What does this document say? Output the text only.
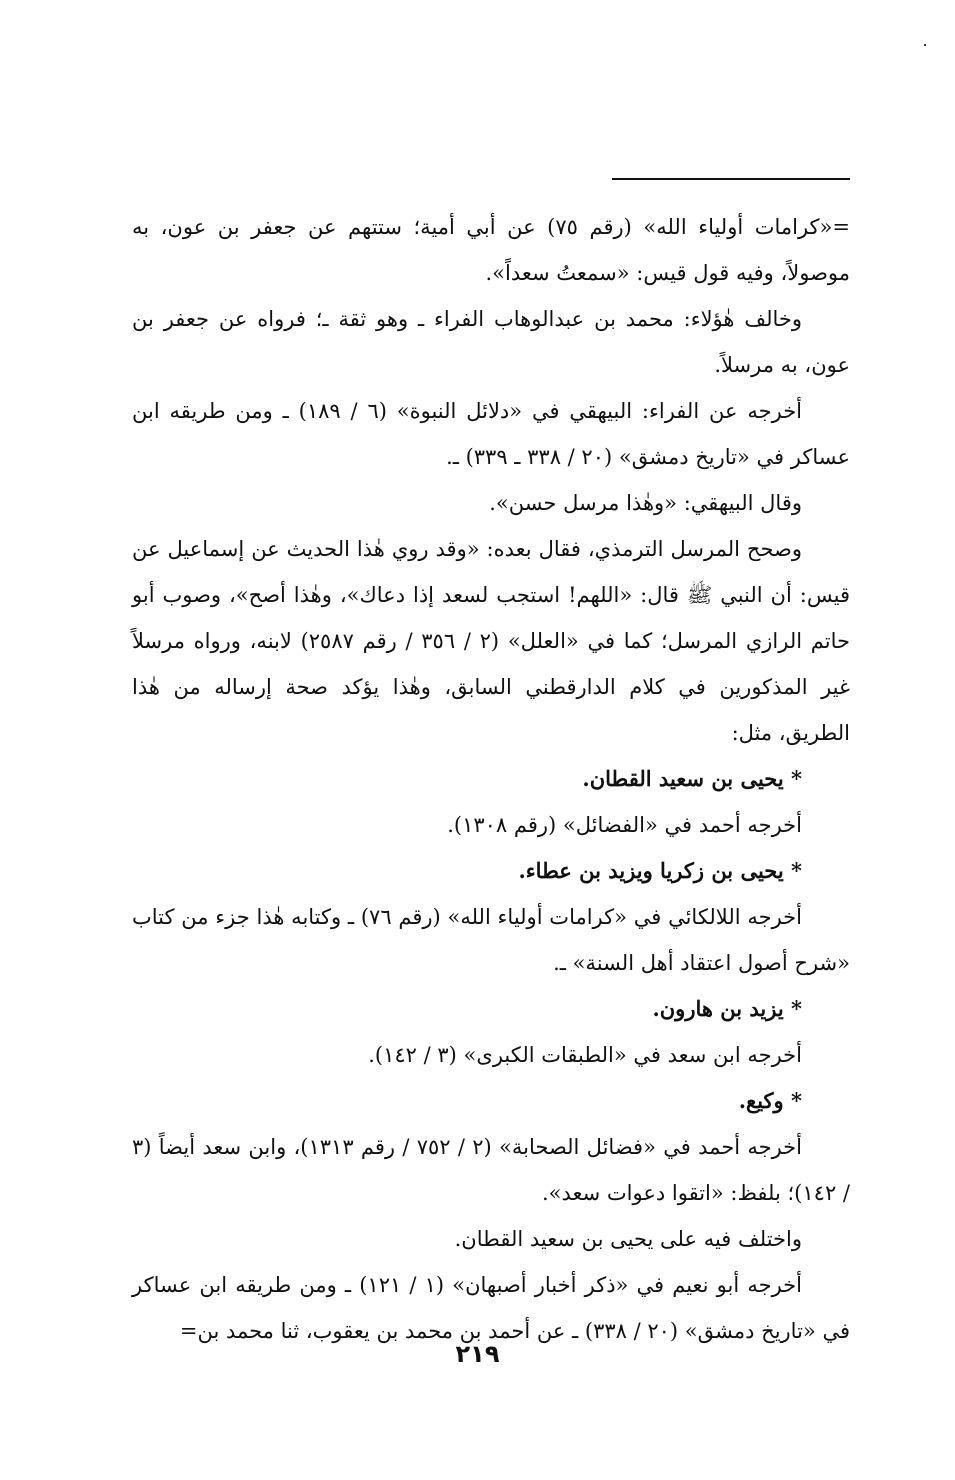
=«كرامات أولياء الله» (رقم ٧٥) عن أبي أمية؛ ستتهم عن جعفر بن عون، به موصولاً، وفيه قول قيس: «سمعتُ سعداً».

وخالف هٰؤلاء: محمد بن عبدالوهاب الفراء ـ وهو ثقة ـ؛ فرواه عن جعفر بن عون، به مرسلاً.

أخرجه عن الفراء: البيهقي في «دلائل النبوة» (٦ / ١٨٩) ـ ومن طريقه ابن عساكر في «تاريخ دمشق» (٢٠ / ٣٣٨ ـ ٣٣٩) ـ.

وقال البيهقي: «وهٰذا مرسل حسن».

وصحح المرسل الترمذي، فقال بعده: «وقد روي هٰذا الحديث عن إسماعيل عن قيس: أن النبي ﷺ قال: «اللهم! استجب لسعد إذا دعاك»، وهٰذا أصح»، وصوب أبو حاتم الرازي المرسل؛ كما في «العلل» (٢ / ٣٥٦ / رقم ٢٥٨٧) لابنه، ورواه مرسلاً غير المذكورين في كلام الدارقطني السابق، وهٰذا يؤكد صحة إرساله من هٰذا الطريق، مثل:

* يحيى بن سعيد القطان.

أخرجه أحمد في «الفضائل» (رقم ١٣٠٨).

* يحيى بن زكريا ويزيد بن عطاء.

أخرجه اللالكائي في «كرامات أولياء الله» (رقم ٧٦) ـ وكتابه هٰذا جزء من كتاب «شرح أصول اعتقاد أهل السنة» ـ.

* يزيد بن هارون.

أخرجه ابن سعد في «الطبقات الكبرى» (٣ / ١٤٢).

* وكيع.

أخرجه أحمد في «فضائل الصحابة» (٢ / ٧٥٢ / رقم ١٣١٣)، وابن سعد أيضاً (٣ / ١٤٢)؛ بلفظ: «اتقوا دعوات سعد».

واختلف فيه على يحيى بن سعيد القطان.

أخرجه أبو نعيم في «ذكر أخبار أصبهان» (١ / ١٢١) ـ ومن طريقه ابن عساكر في «تاريخ دمشق» (٢٠ / ٣٣٨) ـ عن أحمد بن محمد بن يعقوب، ثنا محمد بن=

٢١٩
